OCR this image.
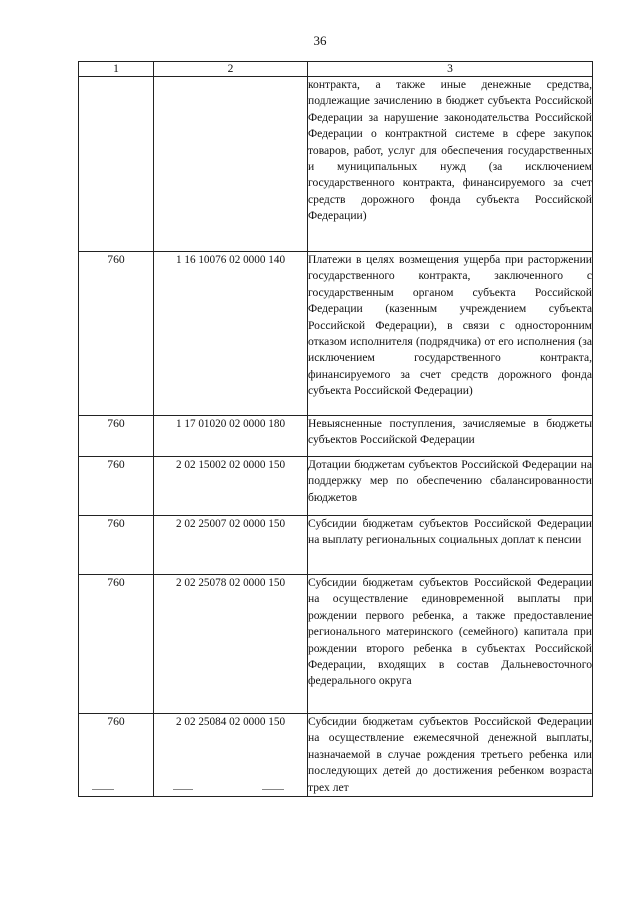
36
1	2	3
		контракта, а также иные денежные средства, подлежащие зачислению в бюджет субъекта Российской Федерации за нарушение законодательства Российской Федерации о контрактной системе в сфере закупок товаров, работ, услуг для обеспечения государственных и муниципальных нужд (за исключением государственного контракта, финансируемого за счет средств дорожного фонда субъекта Российской Федерации)
760	1 16 10076 02 0000 140	Платежи в целях возмещения ущерба при расторжении государственного контракта, заключенного с государственным органом субъекта Российской Федерации (казенным учреждением субъекта Российской Федерации), в связи с односторонним отказом исполнителя (подрядчика) от его исполнения (за исключением государственного контракта, финансируемого за счет средств дорожного фонда субъекта Российской Федерации)
760	1 17 01020 02 0000 180	Невыясненные поступления, зачисляемые в бюджеты субъектов Российской Федерации
760	2 02 15002 02 0000 150	Дотации бюджетам субъектов Российской Федерации на поддержку мер по обеспечению сбалансированности бюджетов
760	2 02 25007 02 0000 150	Субсидии бюджетам субъектов Российской Федерации на выплату региональных социальных доплат к пенсии
760	2 02 25078 02 0000 150	Субсидии бюджетам субъектов Российской Федерации на осуществление единовременной выплаты при рождении первого ребенка, а также предоставление регионального материнского (семейного) капитала при рождении второго ребенка в субъектах Российской Федерации, входящих в состав Дальневосточного федерального округа
760	2 02 25084 02 0000 150	Субсидии бюджетам субъектов Российской Федерации на осуществление ежемесячной денежной выплаты, назначаемой в случае рождения третьего ребенка или последующих детей до достижения ребенком возраста трех лет
